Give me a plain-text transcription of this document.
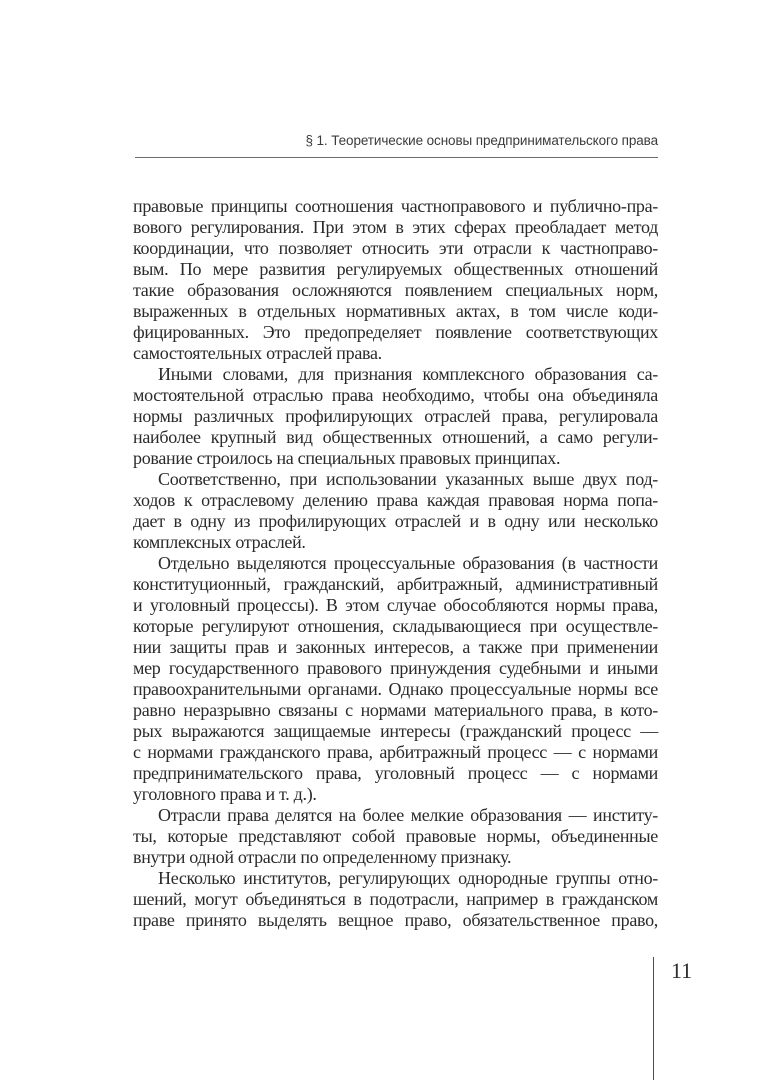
§ 1. Теоретические основы предпринимательского права
правовые принципы соотношения частноправового и публично-пра-
вового регулирования. При этом в этих сферах преобладает метод
координации, что позволяет относить эти отрасли к частноправо-
вым. По мере развития регулируемых общественных отношений
такие образования осложняются появлением специальных норм,
выраженных в отдельных нормативных актах, в том числе коди-
фицированных. Это предопределяет появление соответствующих
самостоятельных отраслей права.
Иными словами, для признания комплексного образования са-
мостоятельной отраслью права необходимо, чтобы она объединяла
нормы различных профилирующих отраслей права, регулировала
наиболее крупный вид общественных отношений, а само регули-
рование строилось на специальных правовых принципах.
Соответственно, при использовании указанных выше двух под-
ходов к отраслевому делению права каждая правовая норма попа-
дает в одну из профилирующих отраслей и в одну или несколько
комплексных отраслей.
Отдельно выделяются процессуальные образования (в частности
конституционный, гражданский, арбитражный, административный
и уголовный процессы). В этом случае обособляются нормы права,
которые регулируют отношения, складывающиеся при осуществле-
нии защиты прав и законных интересов, а также при применении
мер государственного правового принуждения судебными и иными
правоохранительными органами. Однако процессуальные нормы все
равно неразрывно связаны с нормами материального права, в кото-
рых выражаются защищаемые интересы (гражданский процесс —
с нормами гражданского права, арбитражный процесс — с нормами
предпринимательского права, уголовный процесс — с нормами
уголовного права и т. д.).
Отрасли права делятся на более мелкие образования — институ-
ты, которые представляют собой правовые нормы, объединенные
внутри одной отрасли по определенному признаку.
Несколько институтов, регулирующих однородные группы отно-
шений, могут объединяться в подотрасли, например в гражданском
праве принято выделять вещное право, обязательственное право,
11
